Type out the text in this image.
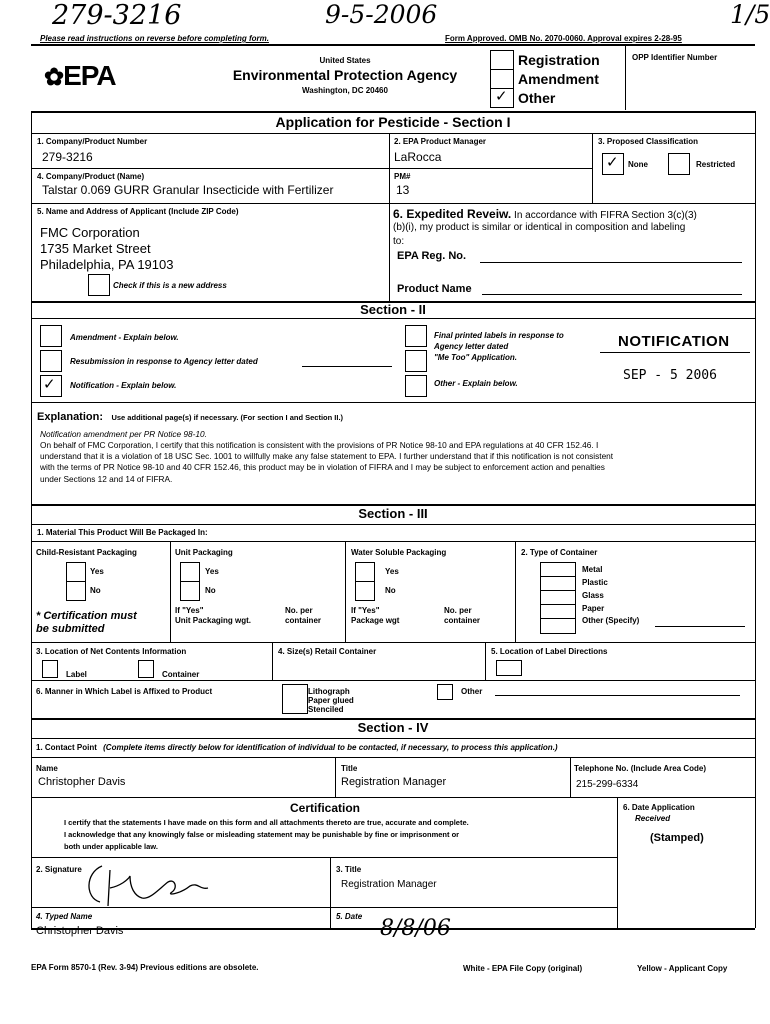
279-3216	9-5-2006	1/5
Please read instructions on reverse before completing form.	Form Approved. OMB No. 2070-0060. Approval expires 2-28-95
✿EPA	United States
Environmental Protection Agency
Washington, DC 20460
Registration
Amendment
✓ Other
OPP Identifier Number
Application for Pesticide - Section I
1. Company/Product Number
279-3216
2. EPA Product Manager
LaRocca
3. Proposed Classification
✓ None	Restricted
4. Company/Product (Name)
Talstar 0.069 GURR Granular Insecticide with Fertilizer
PM#
13
5. Name and Address of Applicant (Include ZIP Code)
FMC Corporation
1735 Market Street
Philadelphia, PA 19103
Check if this is a new address
6. Expedited Reveiw. In accordance with FIFRA Section 3(c)(3)
(b)(i), my product is similar or identical in composition and labeling
to:
EPA Reg. No.
Product Name
Section - II
Amendment - Explain below.
Resubmission in response to Agency letter dated
✓ Notification - Explain below.
Final printed labels in response to
Agency letter dated
"Me Too" Application.
Other - Explain below.
NOTIFICATION
SEP - 5 2006
Explanation: Use additional page(s) if necessary. (For section I and Section II.)
Notification amendment per PR Notice 98-10.
On behalf of FMC Corporation, I certify that this notification is consistent with the provisions of PR Notice 98-10 and EPA regulations at 40 CFR 152.46. I
understand that it is a violation of 18 USC Sec. 1001 to willfully make any false statement to EPA. I further understand that if this notification is not consistent
with the terms of PR Notice 98-10 and 40 CFR 152.46, this product may be in violation of FIFRA and I may be subject to enforcement action and penalties
under Sections 12 and 14 of FIFRA.
Section - III
1. Material This Product Will Be Packaged In:
Child-Resistant Packaging	Unit Packaging	Water Soluble Packaging	2. Type of Container
Yes
No
* Certification must
be submitted
Yes
No
If "Yes"
Unit Packaging wgt.
No. per
container
Yes
No
If "Yes"
Package wgt
No. per
container
Metal
Plastic
Glass
Paper
Other (Specify)
3. Location of Net Contents Information	4. Size(s) Retail Container	5. Location of Label Directions
Label	Container
6. Manner in Which Label is Affixed to Product	Lithograph
Paper glued
Stenciled
Other
Section - IV
1. Contact Point (Complete items directly below for identification of individual to be contacted, if necessary, to process this application.)
Name
Christopher Davis
Title
Registration Manager
Telephone No. (Include Area Code)
215-299-6334
Certification
I certify that the statements I have made on this form and all attachments thereto are true, accurate and complete.
I acknowledge that any knowingly false or misleading statement may be punishable by fine or imprisonment or
both under applicable law.
6. Date Application
Received
(Stamped)
2. Signature	3. Title
Registration Manager
4. Typed Name
Christopher Davis
5. Date 8/8/06
EPA Form 8570-1 (Rev. 3-94) Previous editions are obsolete.	White - EPA File Copy (original)	Yellow - Applicant Copy
